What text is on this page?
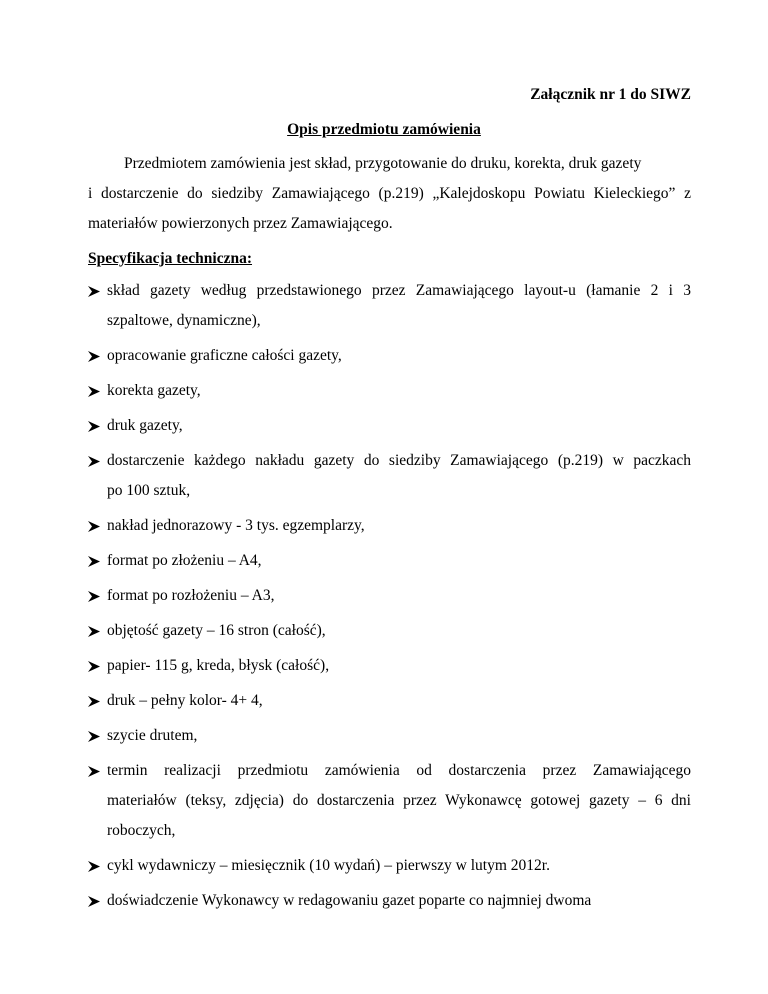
Załącznik nr 1 do SIWZ
Opis przedmiotu zamówienia
Przedmiotem zamówienia jest skład, przygotowanie do druku, korekta, druk gazety
i dostarczenie do siedziby Zamawiającego (p.219) „Kalejdoskopu Powiatu Kieleckiego” z
materiałów powierzonych przez Zamawiającego.
Specyfikacja techniczna:
skład gazety według przedstawionego przez Zamawiającego layout-u (łamanie 2 i 3
szpaltowe, dynamiczne),
opracowanie graficzne całości gazety,
korekta gazety,
druk gazety,
dostarczenie każdego nakładu gazety do siedziby Zamawiającego (p.219) w paczkach
po 100 sztuk,
nakład jednorazowy - 3 tys. egzemplarzy,
format po złożeniu – A4,
format po rozłożeniu – A3,
objętość gazety – 16 stron (całość),
papier- 115 g, kreda, błysk (całość),
druk – pełny kolor- 4+ 4,
szycie drutem,
termin realizacji przedmiotu zamówienia od dostarczenia przez Zamawiającego
materiałów (teksy, zdjęcia) do dostarczenia przez Wykonawcę gotowej gazety – 6 dni
roboczych,
cykl wydawniczy – miesięcznik (10 wydań) – pierwszy w lutym 2012r.
doświadczenie Wykonawcy w redagowaniu gazet poparte co najmniej dwoma
